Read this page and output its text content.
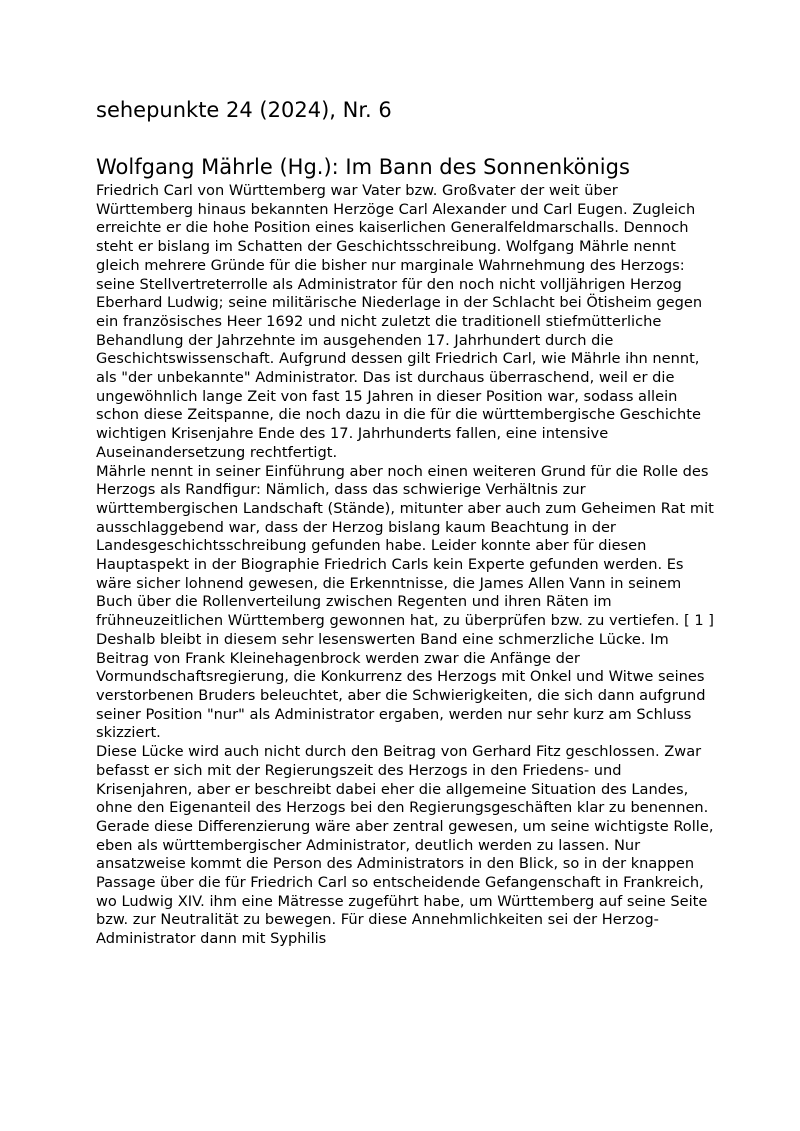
sehepunkte 24 (2024), Nr. 6
Wolfgang Mährle (Hg.): Im Bann des Sonnenkönigs

Friedrich Carl von Württemberg war Vater bzw. Großvater der weit über Württemberg hinaus bekannten Herzöge Carl Alexander und Carl Eugen. Zugleich erreichte er die hohe Position eines kaiserlichen Generalfeldmarschalls. Dennoch steht er bislang im Schatten der Geschichtsschreibung. Wolfgang Mährle nennt gleich mehrere Gründe für die bisher nur marginale Wahrnehmung des Herzogs: seine Stellvertreterrolle als Administrator für den noch nicht volljährigen Herzog Eberhard Ludwig; seine militärische Niederlage in der Schlacht bei Ötisheim gegen ein französisches Heer 1692 und nicht zuletzt die traditionell stiefmütterliche Behandlung der Jahrzehnte im ausgehenden 17. Jahrhundert durch die Geschichtswissenschaft. Aufgrund dessen gilt Friedrich Carl, wie Mährle ihn nennt, als "der unbekannte" Administrator. Das ist durchaus überraschend, weil er die ungewöhnlich lange Zeit von fast 15 Jahren in dieser Position war, sodass allein schon diese Zeitspanne, die noch dazu in die für die württembergische Geschichte wichtigen Krisenjahre Ende des 17. Jahrhunderts fallen, eine intensive Auseinandersetzung rechtfertigt.

Mährle nennt in seiner Einführung aber noch einen weiteren Grund für die Rolle des Herzogs als Randfigur: Nämlich, dass das schwierige Verhältnis zur württembergischen Landschaft (Stände), mitunter aber auch zum Geheimen Rat mit ausschlaggebend war, dass der Herzog bislang kaum Beachtung in der Landesgeschichtsschreibung gefunden habe. Leider konnte aber für diesen Hauptaspekt in der Biographie Friedrich Carls kein Experte gefunden werden. Es wäre sicher lohnend gewesen, die Erkenntnisse, die James Allen Vann in seinem Buch über die Rollenverteilung zwischen Regenten und ihren Räten im frühneuzeitlichen Württemberg gewonnen hat, zu überprüfen bzw. zu vertiefen. [ 1 ] Deshalb bleibt in diesem sehr lesenswerten Band eine schmerzliche Lücke. Im Beitrag von Frank Kleinehagenbrock werden zwar die Anfänge der Vormundschaftsregierung, die Konkurrenz des Herzogs mit Onkel und Witwe seines verstorbenen Bruders beleuchtet, aber die Schwierigkeiten, die sich dann aufgrund seiner Position "nur" als Administrator ergaben, werden nur sehr kurz am Schluss skizziert.

Diese Lücke wird auch nicht durch den Beitrag von Gerhard Fitz geschlossen. Zwar befasst er sich mit der Regierungszeit des Herzogs in den Friedens- und Krisenjahren, aber er beschreibt dabei eher die allgemeine Situation des Landes, ohne den Eigenanteil des Herzogs bei den Regierungsgeschäften klar zu benennen. Gerade diese Differenzierung wäre aber zentral gewesen, um seine wichtigste Rolle, eben als württembergischer Administrator, deutlich werden zu lassen. Nur ansatzweise kommt die Person des Administrators in den Blick, so in der knappen Passage über die für Friedrich Carl so entscheidende Gefangenschaft in Frankreich, wo Ludwig XIV. ihm eine Mätresse zugeführt habe, um Württemberg auf seine Seite bzw. zur Neutralität zu bewegen. Für diese Annehmlichkeiten sei der Herzog-Administrator dann mit Syphilis
